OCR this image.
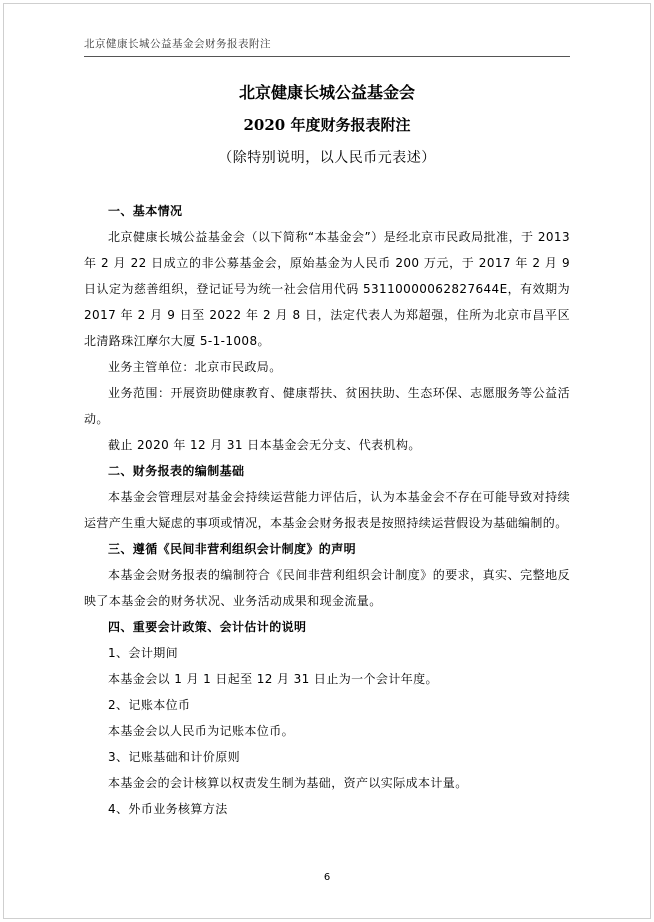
北京健康长城公益基金会财务报表附注
北京健康长城公益基金会
2020 年度财务报表附注
（除特别说明，以人民币元表述）

一、基本情况

北京健康长城公益基金会（以下简称“本基金会”）是经北京市民政局批准，于 2013 年 2 月 22 日成立的非公募基金会，原始基金为人民币 200 万元，于 2017 年 2 月 9 日认定为慈善组织，登记证号为统一社会信用代码 53110000062827644E，有效期为 2017 年 2 月 9 日至 2022 年 2 月 8 日，法定代表人为郑超强，住所为北京市昌平区北清路珠江摩尔大厦 5-1-1008。

业务主管单位：北京市民政局。

业务范围：开展资助健康教育、健康帮扶、贫困扶助、生态环保、志愿服务等公益活动。

截止 2020 年 12 月 31 日本基金会无分支、代表机构。

二、财务报表的编制基础

本基金会管理层对基金会持续运营能力评估后，认为本基金会不存在可能导致对持续运营产生重大疑虑的事项或情况，本基金会财务报表是按照持续运营假设为基础编制的。

三、遵循《民间非营利组织会计制度》的声明

本基金会财务报表的编制符合《民间非营利组织会计制度》的要求，真实、完整地反映了本基金会的财务状况、业务活动成果和现金流量。

四、重要会计政策、会计估计的说明

1、会计期间

本基金会以 1 月 1 日起至 12 月 31 日止为一个会计年度。

2、记账本位币

本基金会以人民币为记账本位币。

3、记账基础和计价原则

本基金会的会计核算以权责发生制为基础，资产以实际成本计量。

4、外币业务核算方法

6
